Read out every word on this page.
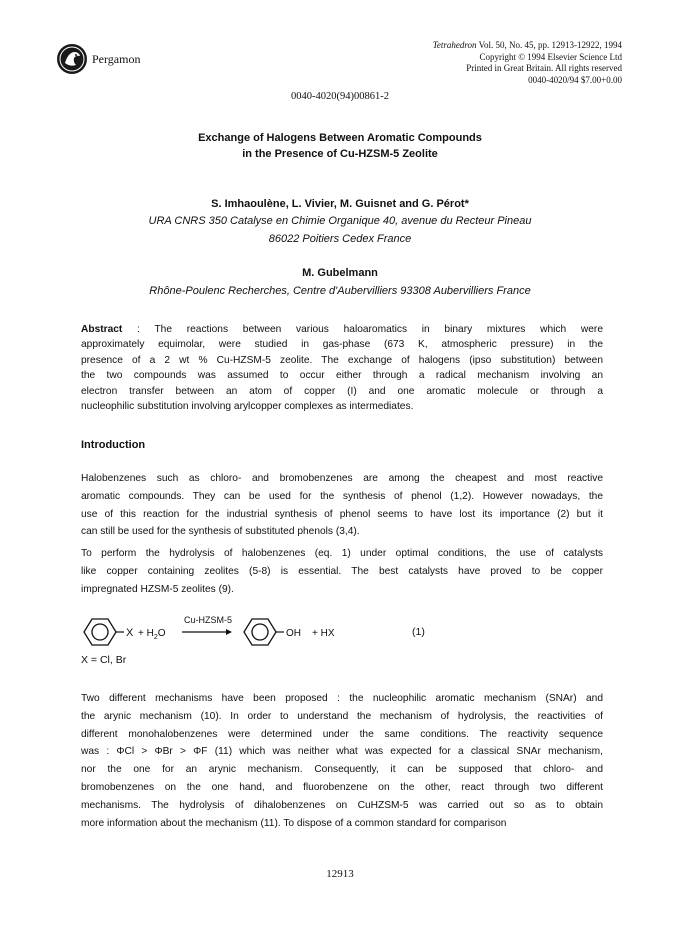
Pergamon
Tetrahedron Vol. 50, No. 45, pp. 12913-12922, 1994
Copyright © 1994 Elsevier Science Ltd
Printed in Great Britain. All rights reserved
0040-4020/94 $7.00+0.00
0040-4020(94)00861-2
Exchange of Halogens Between Aromatic Compounds
in the Presence of Cu-HZSM-5 Zeolite
S. Imhaoulène, L. Vivier, M. Guisnet and G. Pérot*
URA CNRS 350 Catalyse en Chimie Organique 40, avenue du Recteur Pineau
86022 Poitiers Cedex France
M. Gubelmann
Rhône-Poulenc Recherches, Centre d'Aubervilliers 93308 Aubervilliers France
Abstract : The reactions between various haloaromatics in binary mixtures which were
approximately equimolar, were studied in gas-phase (673 K, atmospheric pressure) in the
presence of a 2 wt % Cu-HZSM-5 zeolite. The exchange of halogens (ipso substitution) between
the two compounds was assumed to occur either through a radical mechanism involving an
electron transfer between an atom of copper (I) and one aromatic molecule or through a
nucleophilic substitution involving arylcopper complexes as intermediates.
Introduction
Halobenzenes such as chloro- and bromobenzenes are among the cheapest and most reactive
aromatic compounds. They can be used for the synthesis of phenol (1,2). However nowadays, the
use of this reaction for the industrial synthesis of phenol seems to have lost its importance (2) but it
can still be used for the synthesis of substituted phenols (3,4).
To perform the hydrolysis of halobenzenes (eq. 1) under optimal conditions, the use of catalysts
like copper containing zeolites (5-8) is essential. The best catalysts have proved to be copper
impregnated HZSM-5 zeolites (9).
$X + H_2O$
Cu-HZSM-5
OH + HX	(1)
X = Cl, Br
Two different mechanisms have been proposed : the nucleophilic aromatic mechanism (SNAr) and
the arynic mechanism (10). In order to understand the mechanism of hydrolysis, the reactivities of
different monohalobenzenes were determined under the same conditions. The reactivity sequence
was : ΦCl > ΦBr > ΦF (11) which was neither what was expected for a classical SNAr mechanism,
nor the one for an arynic mechanism. Consequently, it can be supposed that chloro- and
bromobenzenes on the one hand, and fluorobenzene on the other, react through two different
mechanisms. The hydrolysis of dihalobenzenes on CuHZSM-5 was carried out so as to obtain
more information about the mechanism (11). To dispose of a common standard for comparison
12913
